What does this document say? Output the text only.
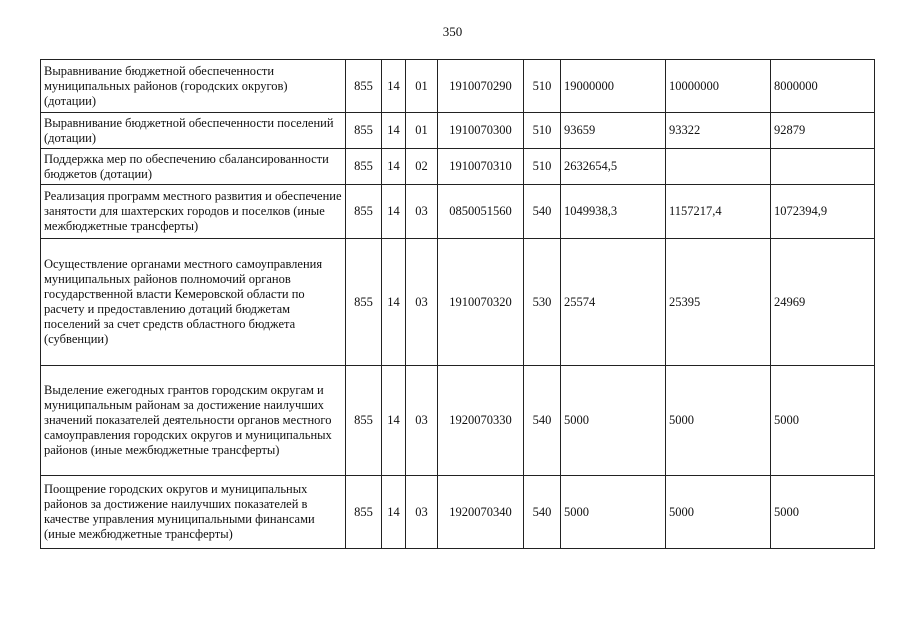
350
Выравнивание бюджетной обеспеченности муниципальных районов (городских округов) (дотации)	855	14	01	1910070290	510	19000000	10000000	8000000
Выравнивание бюджетной обеспеченности поселений (дотации)	855	14	01	1910070300	510	93659	93322	92879
Поддержка мер по обеспечению сбалансированности бюджетов (дотации)	855	14	02	1910070310	510	2632654,5		
Реализация программ местного развития и обеспечение занятости для шахтерских городов и поселков (иные межбюджетные трансферты)	855	14	03	0850051560	540	1049938,3	1157217,4	1072394,9
Осуществление органами местного самоуправления муниципальных районов полномочий органов государственной власти Кемеровской области по расчету и предоставлению дотаций бюджетам поселений за счет средств областного бюджета (субвенции)	855	14	03	1910070320	530	25574	25395	24969
Выделение ежегодных грантов городским округам и муниципальным районам за достижение наилучших значений показателей деятельности органов местного самоуправления городских округов и муниципальных районов (иные межбюджетные трансферты)	855	14	03	1920070330	540	5000	5000	5000
Поощрение городских округов и муниципальных районов за достижение наилучших показателей в качестве управления муниципальными финансами (иные межбюджетные трансферты)	855	14	03	1920070340	540	5000	5000	5000
